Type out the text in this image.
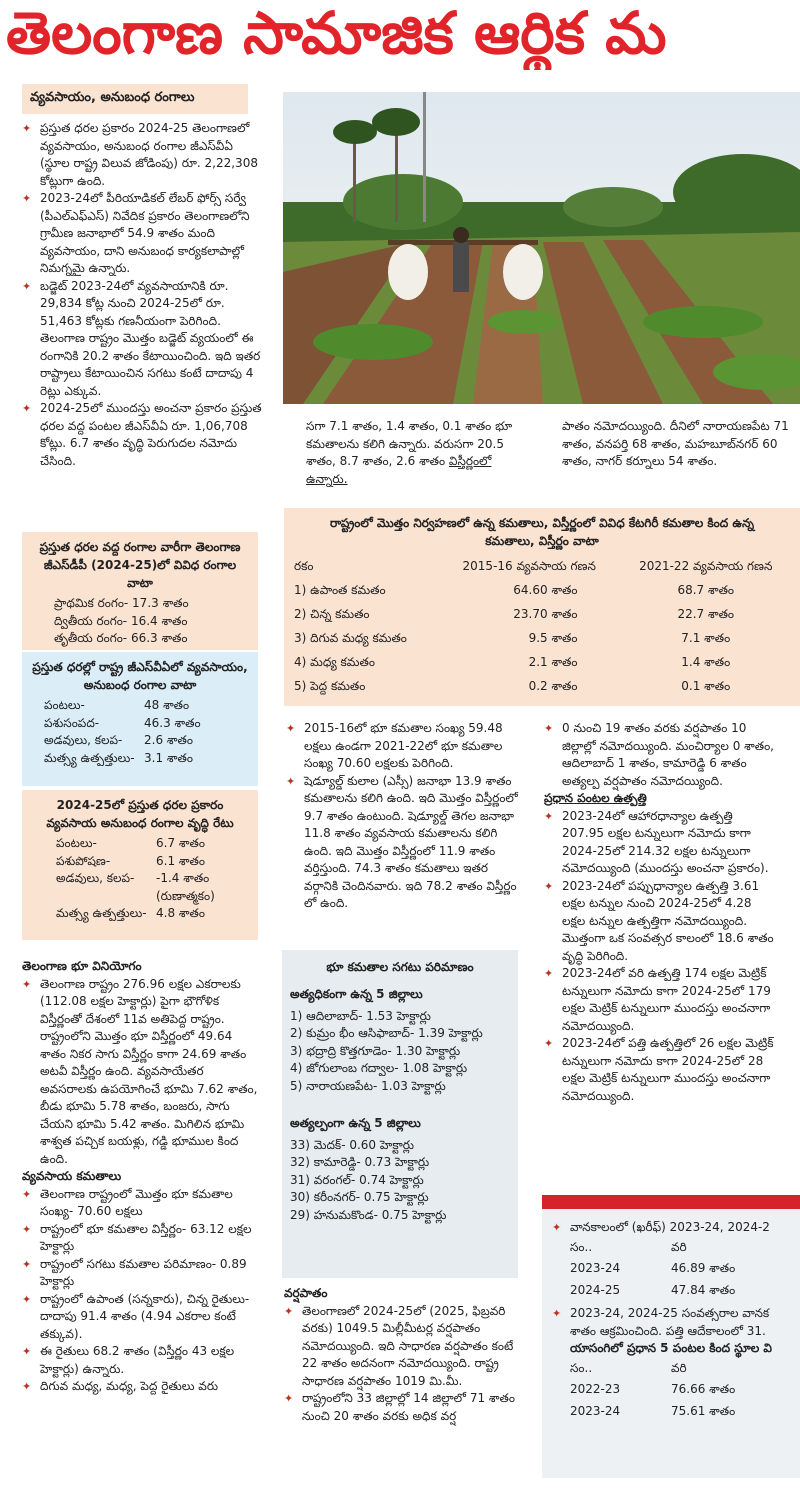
తెలంగాణ సామాజిక ఆర్థిక మ
వ్యవసాయం, అనుబంధ రంగాలు
✦ ప్రస్తుత ధరల ప్రకారం 2024-25 తెలంగాణలో వ్యవసాయం, అనుబంధ రంగాల జీఎస్‌వీఏ (స్థూల రాష్ట్ర విలువ జోడింపు) రూ. 2,22,308 కోట్లుగా ఉంది.
✦ 2023-24లో పీరియాడికల్ లేబర్ ఫోర్స్ సర్వే (పీఎల్ఎఫ్ఎస్) నివేదిక ప్రకారం తెలంగాణలోని గ్రామీణ జనాభాలో 54.9 శాతం మంది వ్యవసాయం, దాని అనుబంధ కార్యకలాపాల్లో నిమగ్నమై ఉన్నారు.
✦ బడ్జెట్ 2023-24లో వ్యవసాయానికి రూ. 29,834 కోట్ల నుంచి 2024-25లో రూ. 51,463 కోట్లకు గణనీయంగా పెరిగింది. తెలంగాణ రాష్ట్రం మొత్తం బడ్జెట్ వ్యయంలో ఈ రంగానికి 20.2 శాతం కేటాయించింది. ఇది ఇతర రాష్ట్రాలు కేటాయించిన సగటు కంటే దాదాపు 4 రెట్లు ఎక్కువ.
✦ 2024-25లో ముందస్తు అంచనా ప్రకారం ప్రస్తుత ధరల వద్ద పంటల జీఎస్‌వీఏ రూ. 1,06,708 కోట్లు. 6.7 శాతం వృద్ధి పెరుగుదల నమోదు చేసింది.
ప్రస్తుత ధరల వద్ద రంగాల వారీగా తెలంగాణ జీఎస్‌డీపీ (2024-25)లో వివిధ రంగాల వాటా
ప్రాథమిక రంగం- 17.3 శాతం
ద్వితీయ రంగం- 16.4 శాతం
తృతీయ రంగం- 66.3 శాతం
ప్రస్తుత ధరల్లో రాష్ట్ర జీఎస్‌వీఏలో వ్యవసాయం, అనుబంధ రంగాల వాటా
పంటలు-	48 శాతం
పశుసంపద-	46.3 శాతం
అడవులు, కలప-	2.6 శాతం
మత్స్య ఉత్పత్తులు- 3.1 శాతం
2024-25లో ప్రస్తుత ధరల ప్రకారం వ్యవసాయ అనుబంధ రంగాల వృద్ధి రేటు
పంటలు-	6.7 శాతం
పశుపోషణ-	6.1 శాతం
అడవులు, కలప-	-1.4 శాతం
(రుణాత్మకం)
మత్స్య ఉత్పత్తులు- 4.8 శాతం
తెలంగాణ భూ వినియోగం
✦ తెలంగాణ రాష్ట్రం 276.96 లక్షల ఎకరాలకు (112.08 లక్షల హెక్టార్లు) పైగా భౌగోళిక విస్తీర్ణంతో దేశంలో 11వ అతిపెద్ద రాష్ట్రం. రాష్ట్రంలోని మొత్తం భూ విస్తీర్ణంలో 49.64 శాతం నికర సాగు విస్తీర్ణం కాగా 24.69 శాతం అటవీ విస్తీర్ణం ఉంది. వ్యవసాయేతర అవసరాలకు ఉపయోగించే భూమి 7.62 శాతం, బీడు భూమి 5.78 శాతం, బంజరు, సాగు చేయని భూమి 5.42 శాతం. మిగిలిన భూమి శాశ్వత పచ్చిక బయళ్లు, గడ్డి భూముల కింద ఉంది.
వ్యవసాయ కమతాలు
✦ తెలంగాణ రాష్ట్రంలో మొత్తం భూ కమతాల సంఖ్య- 70.60 లక్షలు
✦ రాష్ట్రంలో భూ కమతాల విస్తీర్ణం- 63.12 లక్షల హెక్టార్లు
✦ రాష్ట్రంలో సగటు కమతాల పరిమాణం- 0.89 హెక్టార్లు
✦ రాష్ట్రంలో ఉపాంత (సన్నకారు), చిన్న రైతులు- దాదాపు 91.4 శాతం (4.94 ఎకరాల కంటే తక్కువ).
✦ ఈ రైతులు 68.2 శాతం (విస్తీర్ణం 43 లక్షల హెక్టార్లు) ఉన్నారు.
✦ దిగువ మధ్య, మధ్య, పెద్ద రైతులు వరు
సగా 7.1 శాతం, 1.4 శాతం, 0.1 శాతం భూ కమతాలను కలిగి ఉన్నారు. వరుసగా 20.5 శాతం, 8.7 శాతం, 2.6 శాతం విస్తీర్ణంలో ఉన్నారు.
పాతం నమోదయ్యింది. దీనిలో నారాయణపేట 71 శాతం, వనపర్తి 68 శాతం, మహబూబ్‌నగర్ 60 శాతం, నాగర్ కర్నూలు 54 శాతం.
రాష్ట్రంలో మొత్తం నిర్వహణలో ఉన్న కమతాలు, విస్తీర్ణంలో వివిధ కేటగిరీ కమతాల కింద ఉన్న కమతాలు, విస్తీర్ణం వాటా
రకం	2015-16 వ్యవసాయ గణన	2021-22 వ్యవసాయ గణన
1) ఉపాంత కమతం	64.60 శాతం	68.7 శాతం
2) చిన్న కమతం	23.70 శాతం	22.7 శాతం
3) దిగువ మధ్య కమతం	9.5 శాతం	7.1 శాతం
4) మధ్య కమతం	2.1 శాతం	1.4 శాతం
5) పెద్ద కమతం	0.2 శాతం	0.1 శాతం
✦ 2015-16లో భూ కమతాల సంఖ్య 59.48 లక్షలు ఉండగా 2021-22లో భూ కమతాల సంఖ్య 70.60 లక్షలకు పెరిగింది.
✦ షెడ్యూల్డ్ కులాల (ఎస్సీ) జనాభా 13.9 శాతం కమతాలను కలిగి ఉంది. ఇది మొత్తం విస్తీర్ణంలో 9.7 శాతం ఉంటుంది. షెడ్యూల్డ్ తెగల జనాభా 11.8 శాతం వ్యవసాయ కమతాలను కలిగి ఉంది. ఇది మొత్తం విస్తీర్ణంలో 11.9 శాతం వర్తిస్తుంది. 74.3 శాతం కమతాలు ఇతర వర్గానికి చెందినవారు. ఇది 78.2 శాతం విస్తీర్ణం లో ఉంది.
భూ కమతాల సగటు పరిమాణం
అత్యధికంగా ఉన్న 5 జిల్లాలు
1) ఆదిలాబాద్- 1.53 హెక్టార్లు
2) కుమ్రం భీం ఆసిఫాబాద్- 1.39 హెక్టార్లు
3) భద్రాద్రి కొత్తగూడెం- 1.30 హెక్టార్లు
4) జోగులాంబ గద్వాల- 1.08 హెక్టార్లు
5) నారాయణపేట- 1.03 హెక్టార్లు
అత్యల్పంగా ఉన్న 5 జిల్లాలు
33) మెదక్- 0.60 హెక్టార్లు
32) కామారెడ్డి- 0.73 హెక్టార్లు
31) వరంగల్- 0.74 హెక్టార్లు
30) కరీంనగర్- 0.75 హెక్టార్లు
29) హనుమకొండ- 0.75 హెక్టార్లు
వర్షపాతం
✦ తెలంగాణలో 2024-25లో (2025, ఫిబ్రవరి వరకు) 1049.5 మిల్లీమీటర్ల వర్షపాతం నమోదయ్యింది. ఇది సాధారణ వర్షపాతం కంటే 22 శాతం అదనంగా నమోదయ్యింది. రాష్ట్ర సాధారణ వర్షపాతం 1019 మి.మీ.
✦ రాష్ట్రంలోని 33 జిల్లాల్లో 14 జిల్లాలో 71 శాతం నుంచి 20 శాతం వరకు అధిక వర్ష
✦ 0 నుంచి 19 శాతం వరకు వర్షపాతం 10 జిల్లాల్లో నమోదయ్యింది. మంచిర్యాల 0 శాతం, ఆదిలాబాద్ 1 శాతం, కామారెడ్డి 6 శాతం అత్యల్ప వర్షపాతం నమోదయ్యింది.
ప్రధాన పంటల ఉత్పత్తి
✦ 2023-24లో ఆహారధాన్యాల ఉత్పత్తి 207.95 లక్షల టన్నులుగా నమోదు కాగా 2024-25లో 214.32 లక్షల టన్నులుగా నమోదయ్యింది (ముందస్తు అంచనా ప్రకారం).
✦ 2023-24లో పప్పుధాన్యాల ఉత్పత్తి 3.61 లక్షల టన్నుల నుంచి 2024-25లో 4.28 లక్షల టన్నుల ఉత్పత్తిగా నమోదయ్యింది. మొత్తంగా ఒక సంవత్సర కాలంలో 18.6 శాతం వృద్ధి పెరిగింది.
✦ 2023-24లో వరి ఉత్పత్తి 174 లక్షల మెట్రిక్ టన్నులుగా నమోదు కాగా 2024-25లో 179 లక్షల మెట్రిక్ టన్నులుగా ముందస్తు అంచనాగా నమోదయ్యింది.
✦ 2023-24లో పత్తి ఉత్పత్తిలో 26 లక్షల మెట్రిక్ టన్నులుగా నమోదు కాగా 2024-25లో 28 లక్షల మెట్రిక్ టన్నులుగా ముందస్తు అంచనాగా నమోదయ్యింది.
✦ వానకాలంలో (ఖరీఫ్) 2023-24, 2024-2
సం..	వరి
2023-24	46.89 శాతం
2024-25	47.84 శాతం
✦ 2023-24, 2024-25 సంవత్సరాల వానక
శాతం ఆక్రమించింది. పత్తి ఆదేకాలంలో 31.
యాసంగిలో ప్రధాన 5 పంటల కింద స్థూల వి
సం..	వరి
2022-23	76.66 శాతం
2023-24	75.61 శాతం
